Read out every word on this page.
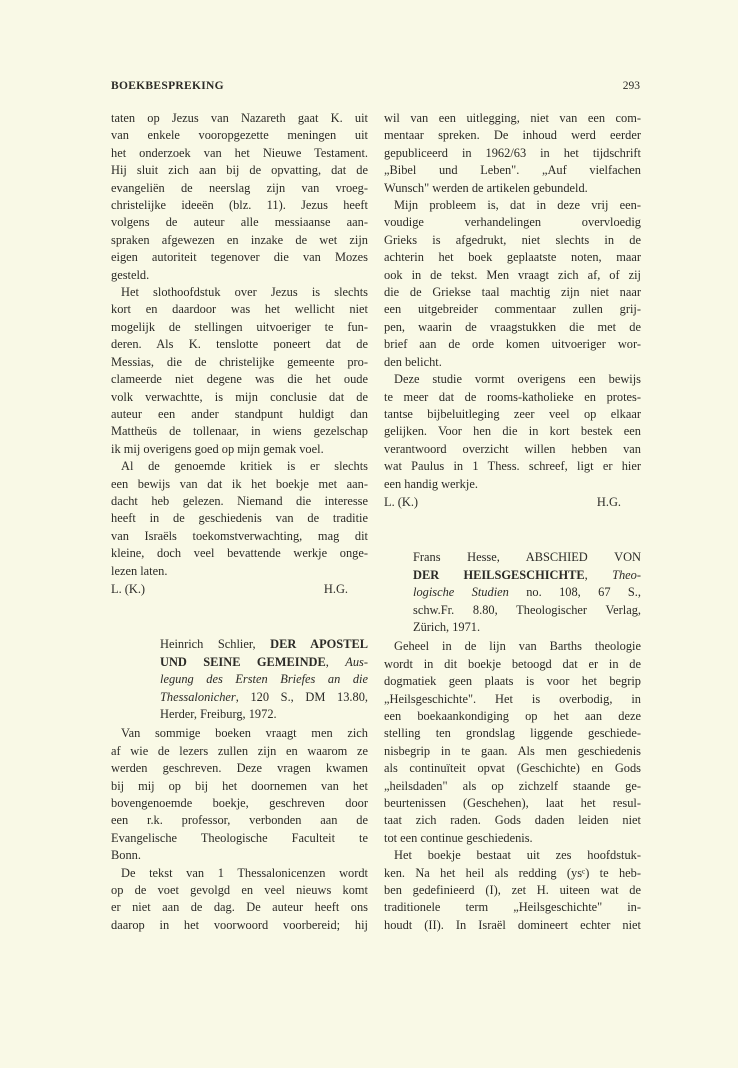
BOEKBESPREKING	293
taten op Jezus van Nazareth gaat K. uit
van enkele vooropgezette meningen uit
het onderzoek van het Nieuwe Testament.
Hij sluit zich aan bij de opvatting, dat de
evangeliën de neerslag zijn van vroeg-
christelijke ideeën (blz. 11). Jezus heeft
volgens de auteur alle messiaanse aan-
spraken afgewezen en inzake de wet zijn
eigen autoriteit tegenover die van Mozes
gesteld.
Het slothoofdstuk over Jezus is slechts
kort en daardoor was het wellicht niet
mogelijk de stellingen uitvoeriger te fun-
deren. Als K. tenslotte poneert dat de
Messias, die de christelijke gemeente pro-
clameerde niet degene was die het oude
volk verwachtte, is mijn conclusie dat de
auteur een ander standpunt huldigt dan
Mattheüs de tollenaar, in wiens gezelschap
ik mij overigens goed op mijn gemak voel.
Al de genoemde kritiek is er slechts
een bewijs van dat ik het boekje met aan-
dacht heb gelezen. Niemand die interesse
heeft in de geschiedenis van de traditie
van Israëls toekomstverwachting, mag dit
kleine, doch veel bevattende werkje onge-
lezen laten.
L. (K.)	H.G.
Heinrich Schlier, DER APOSTEL
UND SEINE GEMEINDE, Aus-
legung des Ersten Briefes an die
Thessalonicher, 120 S., DM 13.80,
Herder, Freiburg, 1972.
Van sommige boeken vraagt men zich
af wie de lezers zullen zijn en waarom ze
werden geschreven. Deze vragen kwamen
bij mij op bij het doornemen van het
bovengenoemde boekje, geschreven door
een r.k. professor, verbonden aan de
Evangelische Theologische Faculteit te
Bonn.
De tekst van 1 Thessalonicenzen wordt
op de voet gevolgd en veel nieuws komt
er niet aan de dag. De auteur heeft ons
daarop in het voorwoord voorbereid; hij
wil van een uitlegging, niet van een com-
mentaar spreken. De inhoud werd eerder
gepubliceerd in 1962/63 in het tijdschrift
„Bibel und Leben". „Auf vielfachen
Wunsch" werden de artikelen gebundeld.
Mijn probleem is, dat in deze vrij een-
voudige verhandelingen overvloedig
Grieks is afgedrukt, niet slechts in de
achterin het boek geplaatste noten, maar
ook in de tekst. Men vraagt zich af, of zij
die de Griekse taal machtig zijn niet naar
een uitgebreider commentaar zullen grij-
pen, waarin de vraagstukken die met de
brief aan de orde komen uitvoeriger wor-
den belicht.
Deze studie vormt overigens een bewijs
te meer dat de rooms-katholieke en protes-
tantse bijbeluitleging zeer veel op elkaar
gelijken. Voor hen die in kort bestek een
verantwoord overzicht willen hebben van
wat Paulus in 1 Thess. schreef, ligt er hier
een handig werkje.
L. (K.)	H.G.
Frans Hesse, ABSCHIED VON
DER HEILSGESCHICHTE, Theo-
logische Studien no. 108, 67 S.,
schw.Fr. 8.80, Theologischer Verlag,
Zürich, 1971.
Geheel in de lijn van Barths theologie
wordt in dit boekje betoogd dat er in de
dogmatiek geen plaats is voor het begrip
„Heilsgeschichte". Het is overbodig, in
een boekaankondiging op het aan deze
stelling ten grondslag liggende geschiede-
nisbegrip in te gaan. Als men geschiedenis
als continuïteit opvat (Geschichte) en Gods
„heilsdaden" als op zichzelf staande ge-
beurtenissen (Geschehen), laat het resul-
taat zich raden. Gods daden leiden niet
tot een continue geschiedenis.
Het boekje bestaat uit zes hoofdstuk-
ken. Na het heil als redding (ysᶜ) te heb-
ben gedefinieerd (I), zet H. uiteen wat de
traditionele term „Heilsgeschichte" in-
houdt (II). In Israël domineert echter niet
